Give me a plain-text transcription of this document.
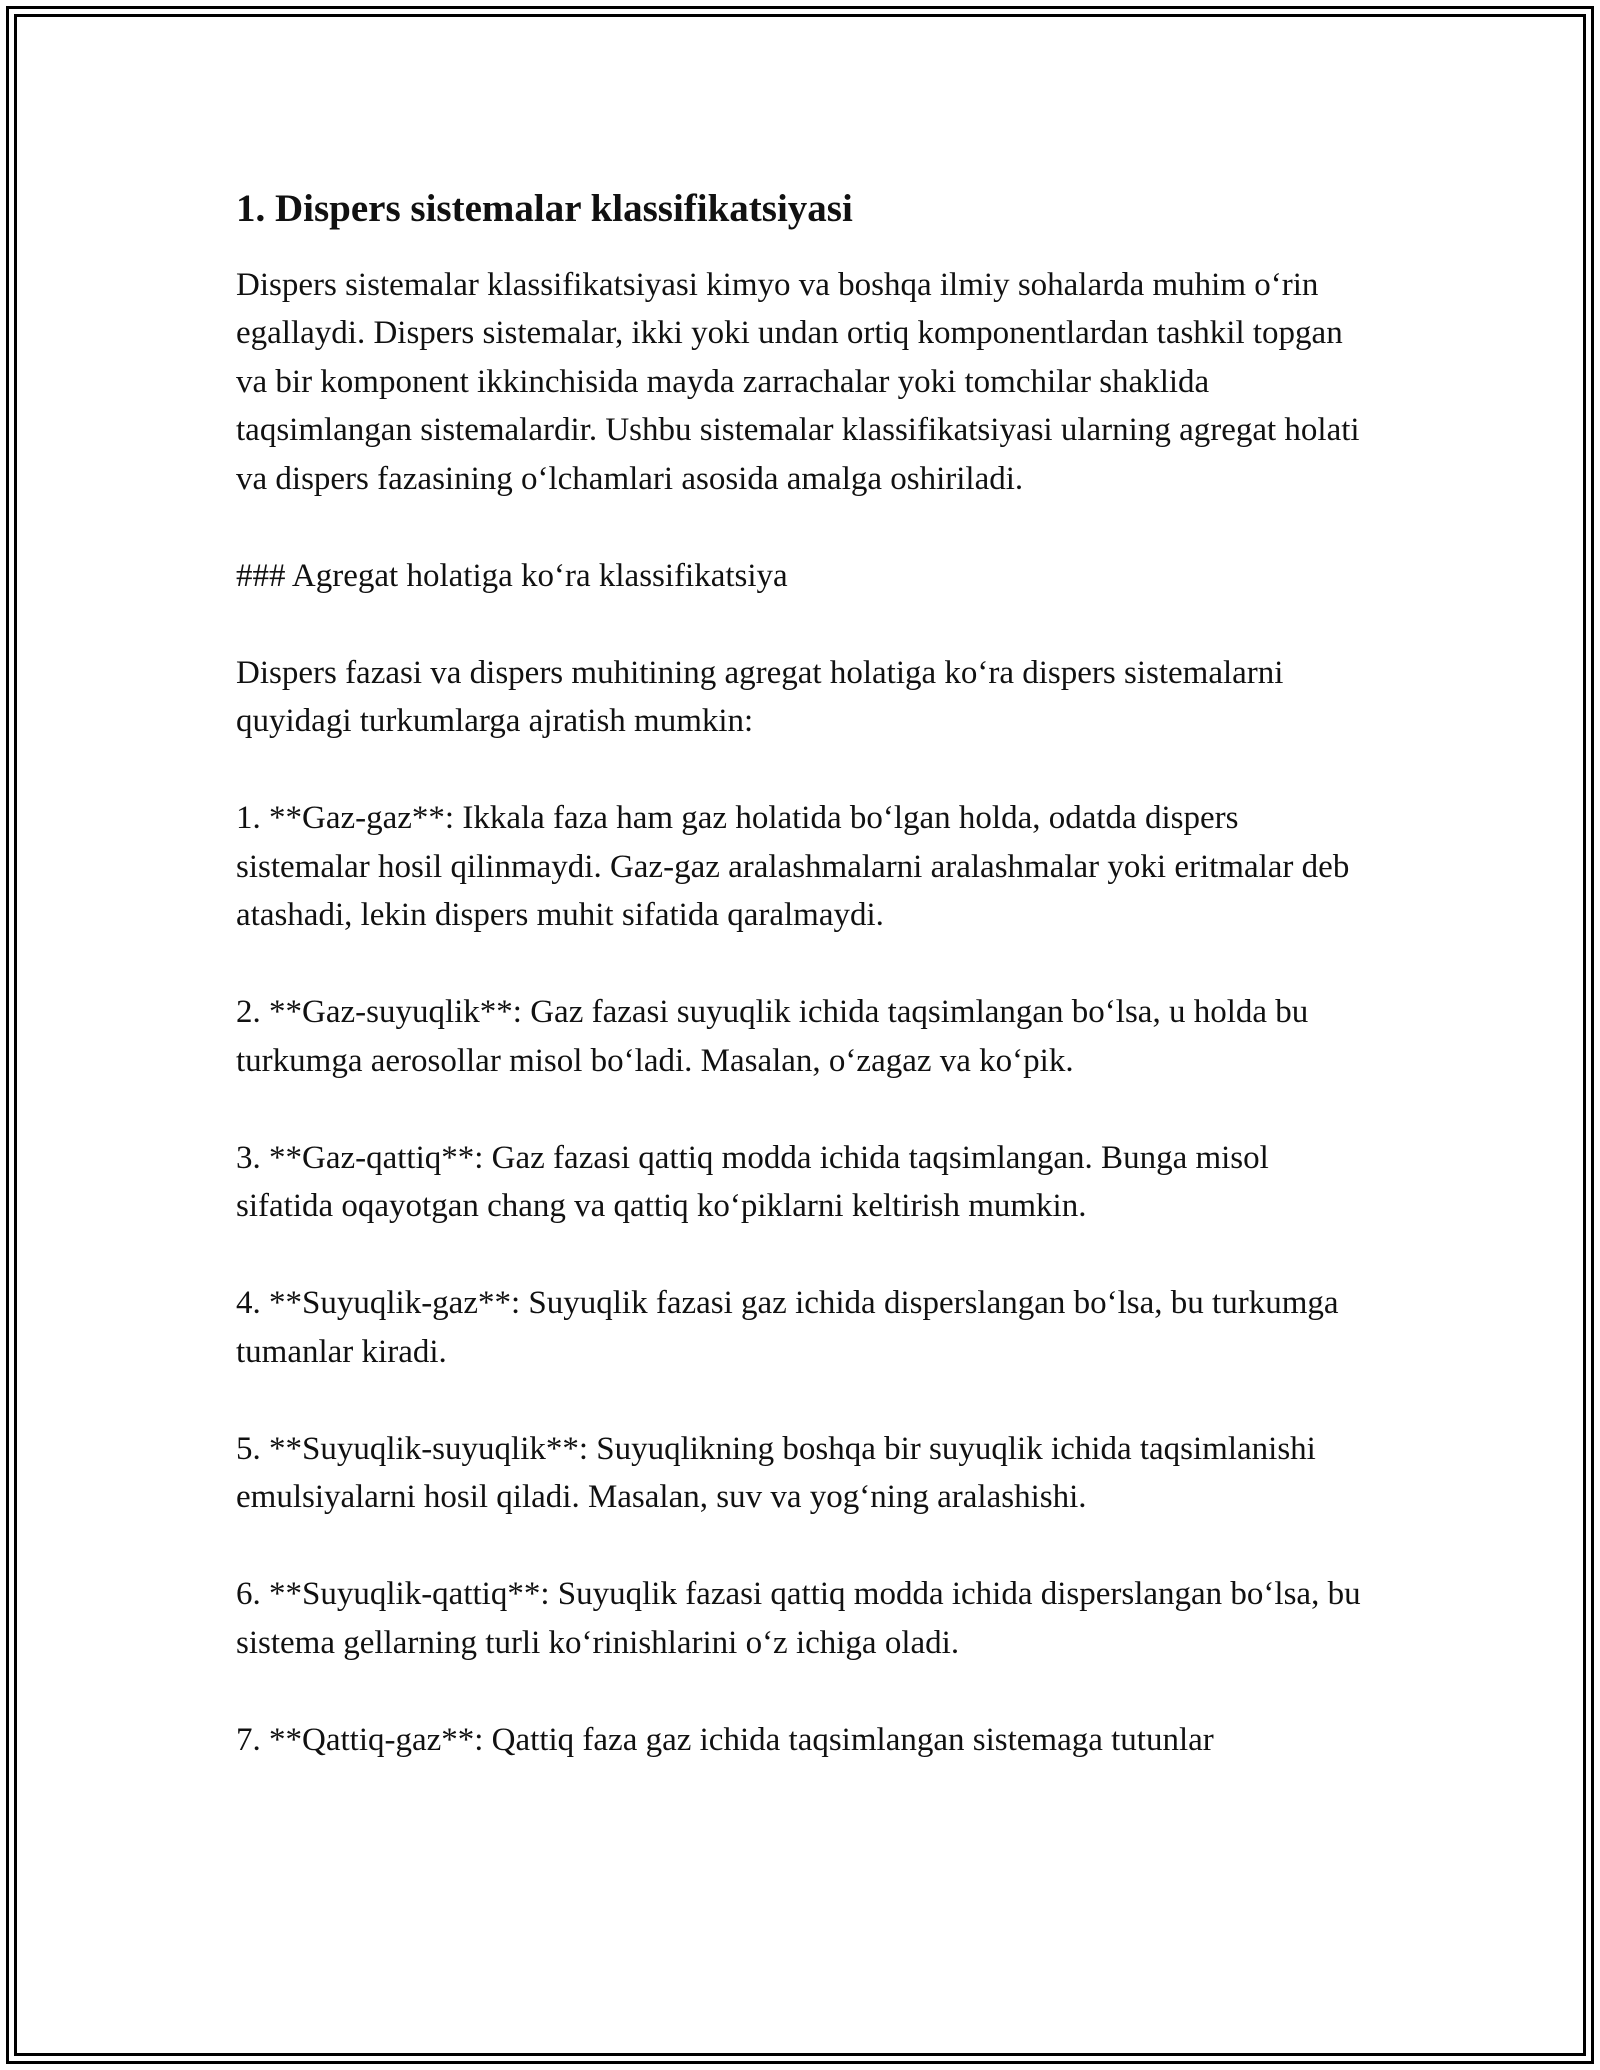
1. Dispers sistemalar klassifikatsiyasi

Dispers sistemalar klassifikatsiyasi kimyo va boshqa ilmiy sohalarda muhim o‘rin egallaydi. Dispers sistemalar, ikki yoki undan ortiq komponentlardan tashkil topgan va bir komponent ikkinchisida mayda zarrachalar yoki tomchilar shaklida taqsimlangan sistemalardir. Ushbu sistemalar klassifikatsiyasi ularning agregat holati va dispers fazasining o‘lchamlari asosida amalga oshiriladi.

### Agregat holatiga ko‘ra klassifikatsiya

Dispers fazasi va dispers muhitining agregat holatiga ko‘ra dispers sistemalarni quyidagi turkumlarga ajratish mumkin:

1. **Gaz-gaz**: Ikkala faza ham gaz holatida bo‘lgan holda, odatda dispers sistemalar hosil qilinmaydi. Gaz-gaz aralashmalarni aralashmalar yoki eritmalar deb atashadi, lekin dispers muhit sifatida qaralmaydi.

2. **Gaz-suyuqlik**: Gaz fazasi suyuqlik ichida taqsimlangan bo‘lsa, u holda bu turkumga aerosollar misol bo‘ladi. Masalan, o‘zagaz va ko‘pik.

3. **Gaz-qattiq**: Gaz fazasi qattiq modda ichida taqsimlangan. Bunga misol sifatida oqayotgan chang va qattiq ko‘piklarni keltirish mumkin.

4. **Suyuqlik-gaz**: Suyuqlik fazasi gaz ichida disperslangan bo‘lsa, bu turkumga tumanlar kiradi.

5. **Suyuqlik-suyuqlik**: Suyuqlikning boshqa bir suyuqlik ichida taqsimlanishi emulsiyalarni hosil qiladi. Masalan, suv va yog‘ning aralashishi.

6. **Suyuqlik-qattiq**: Suyuqlik fazasi qattiq modda ichida disperslangan bo‘lsa, bu sistema gellarning turli ko‘rinishlarini o‘z ichiga oladi.

7. **Qattiq-gaz**: Qattiq faza gaz ichida taqsimlangan sistemaga tutunlar
